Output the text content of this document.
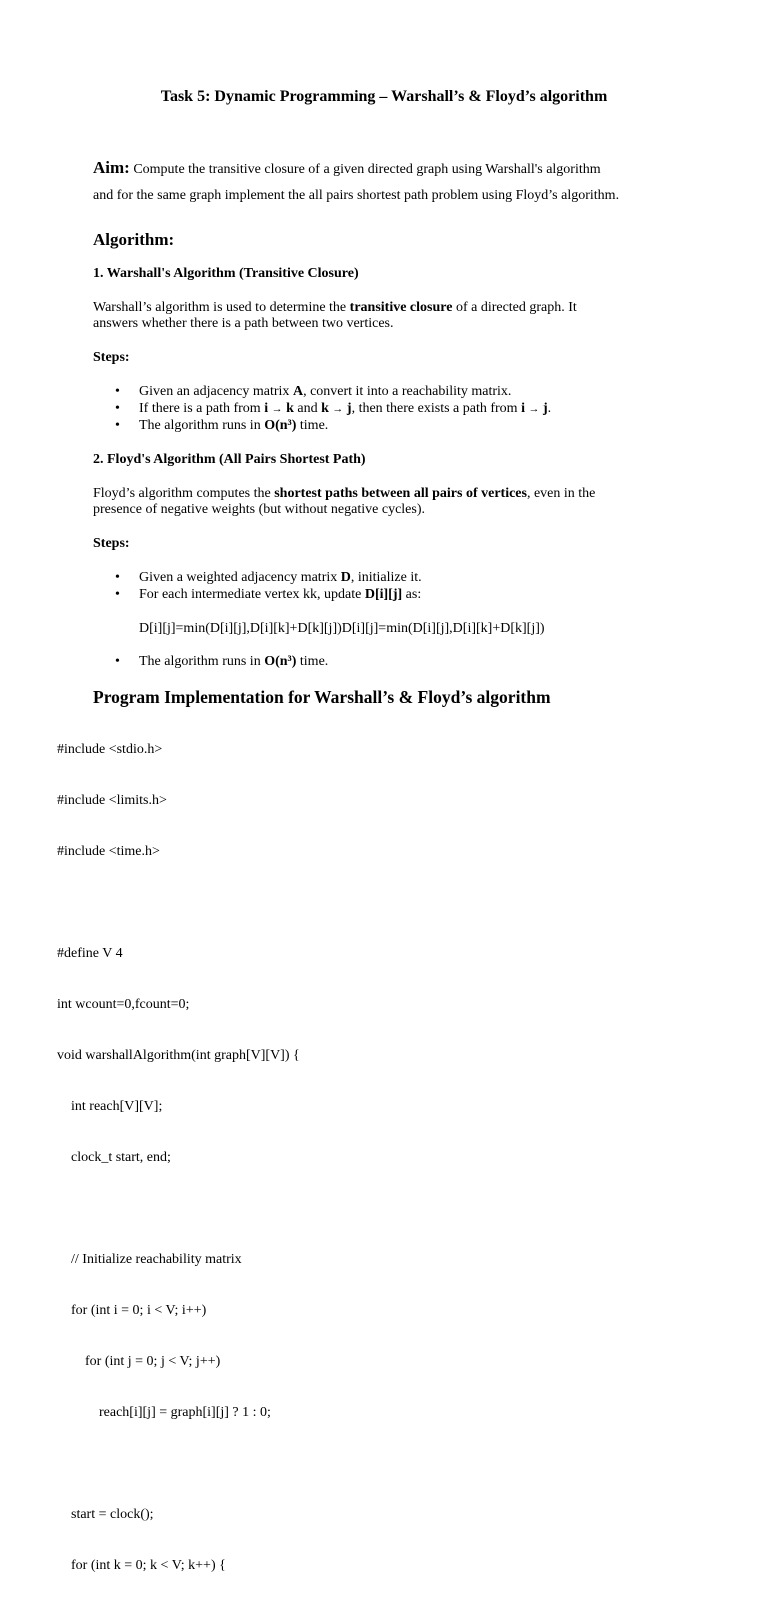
Task 5: Dynamic Programming – Warshall’s & Floyd’s algorithm
Aim: Compute the transitive closure of a given directed graph using Warshall's algorithm
and for the same graph implement the all pairs shortest path problem using Floyd’s algorithm.
Algorithm:
1. Warshall's Algorithm (Transitive Closure)
Warshall’s algorithm is used to determine the transitive closure of a directed graph. It
answers whether there is a path between two vertices.
Steps:
• Given an adjacency matrix A, convert it into a reachability matrix.
• If there is a path from i → k and k → j, then there exists a path from i → j.
• The algorithm runs in O(n³) time.
2. Floyd's Algorithm (All Pairs Shortest Path)
Floyd’s algorithm computes the shortest paths between all pairs of vertices, even in the
presence of negative weights (but without negative cycles).
Steps:
• Given a weighted adjacency matrix D, initialize it.
• For each intermediate vertex kk, update D[i][j] as:
D[i][j]=min(D[i][j],D[i][k]+D[k][j])D[i][j]=min(D[i][j],D[i][k]+D[k][j])
• The algorithm runs in O(n³) time.
Program Implementation for Warshall’s & Floyd’s algorithm

#include <stdio.h>

#include <limits.h>

#include <time.h>

#define V 4

int wcount=0,fcount=0;

void warshallAlgorithm(int graph[V][V]) {

int reach[V][V];

clock_t start, end;

// Initialize reachability matrix

for (int i = 0; i < V; i++)

for (int j = 0; j < V; j++)

reach[i][j] = graph[i][j] ? 1 : 0;

start = clock();

for (int k = 0; k < V; k++) {
